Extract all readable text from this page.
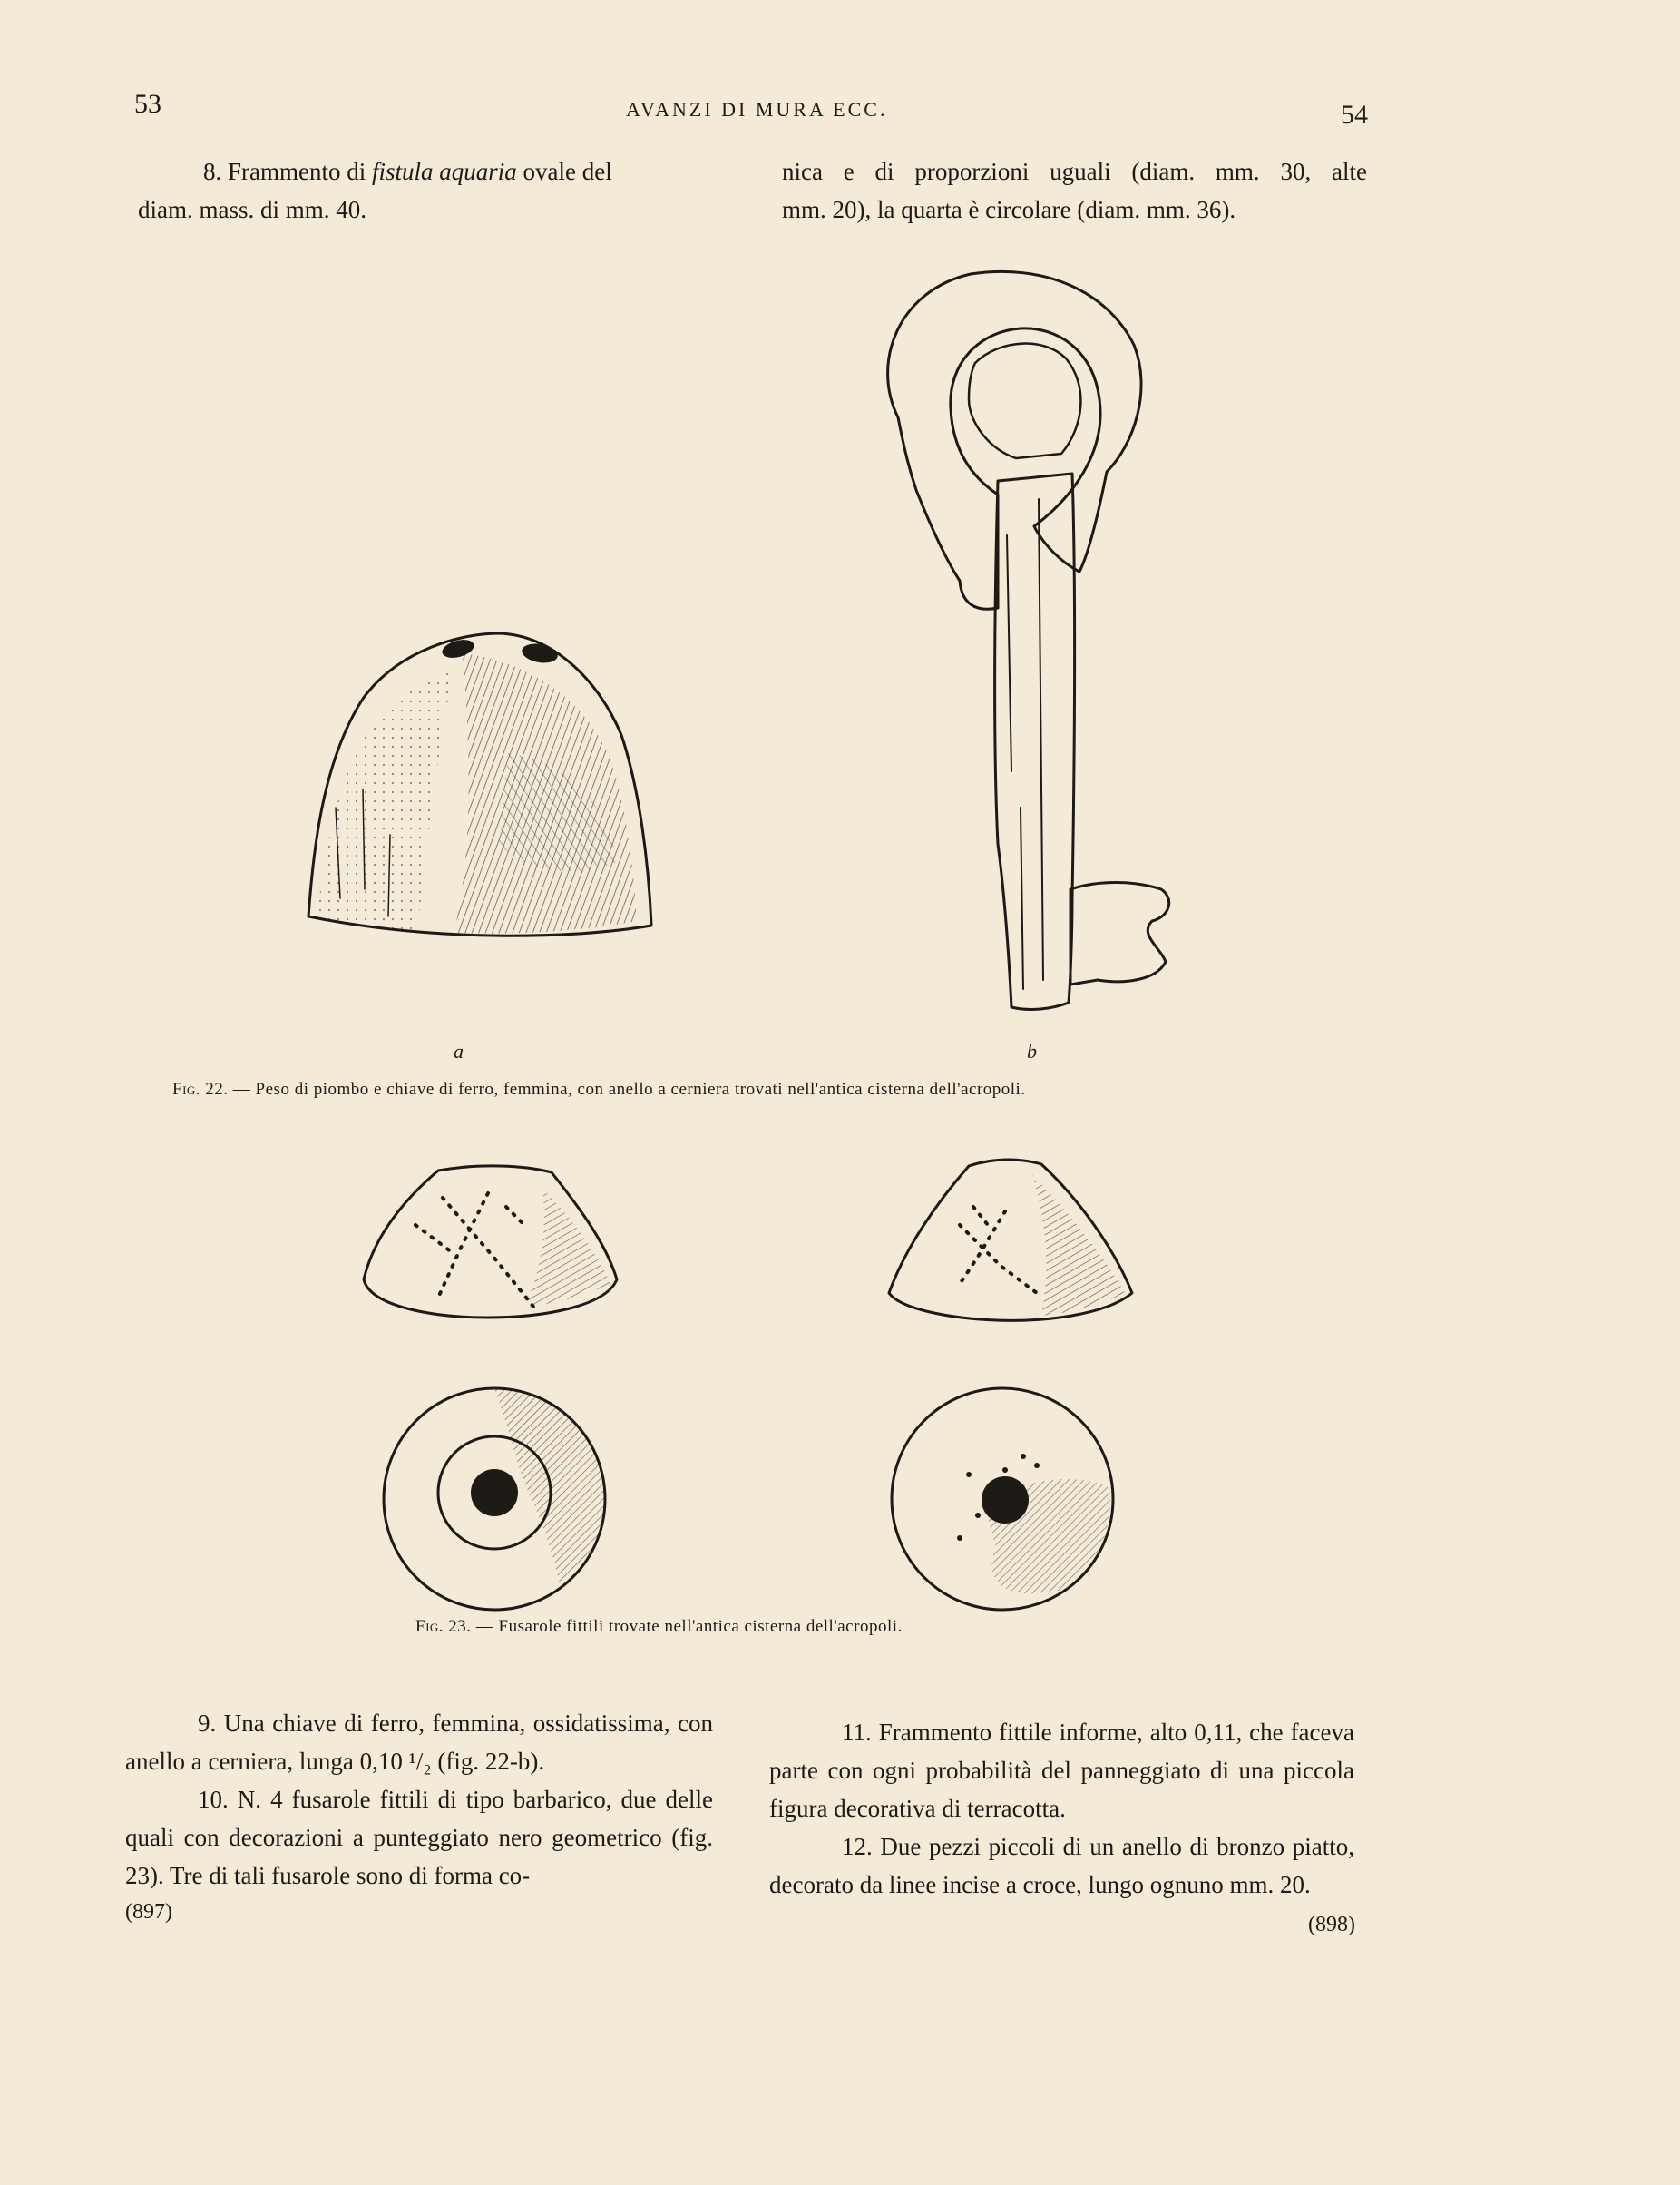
53	AVANZI DI MURA ECC.	54

8. Frammento di fistula aquaria ovale del

diam. mass. di mm. 40.

nica e di proporzioni uguali (diam. mm. 30, alte

mm. 20), la quarta è circolare (diam. mm. 36).

a	b
Fig. 22. — Peso di piombo e chiave di ferro, femmina, con anello a cerniera trovati nell'antica cisterna dell'acropoli.
Fig. 23. — Fusarole fittili trovate nell'antica cisterna dell'acropoli.

9. Una chiave di ferro, femmina, ossidatissima, con anello a cerniera, lunga 0,10 ¹/₂ (fig. 22-b).

10. N. 4 fusarole fittili di tipo barbarico, due delle quali con decorazioni a punteggiato nero geometrico (fig. 23). Tre di tali fusarole sono di forma co-

11. Frammento fittile informe, alto 0,11, che faceva parte con ogni probabilità del panneggiato di una piccola figura decorativa di terracotta.

12. Due pezzi piccoli di un anello di bronzo piatto, decorato da linee incise a croce, lungo ognuno mm. 20.

(897)
(898)
